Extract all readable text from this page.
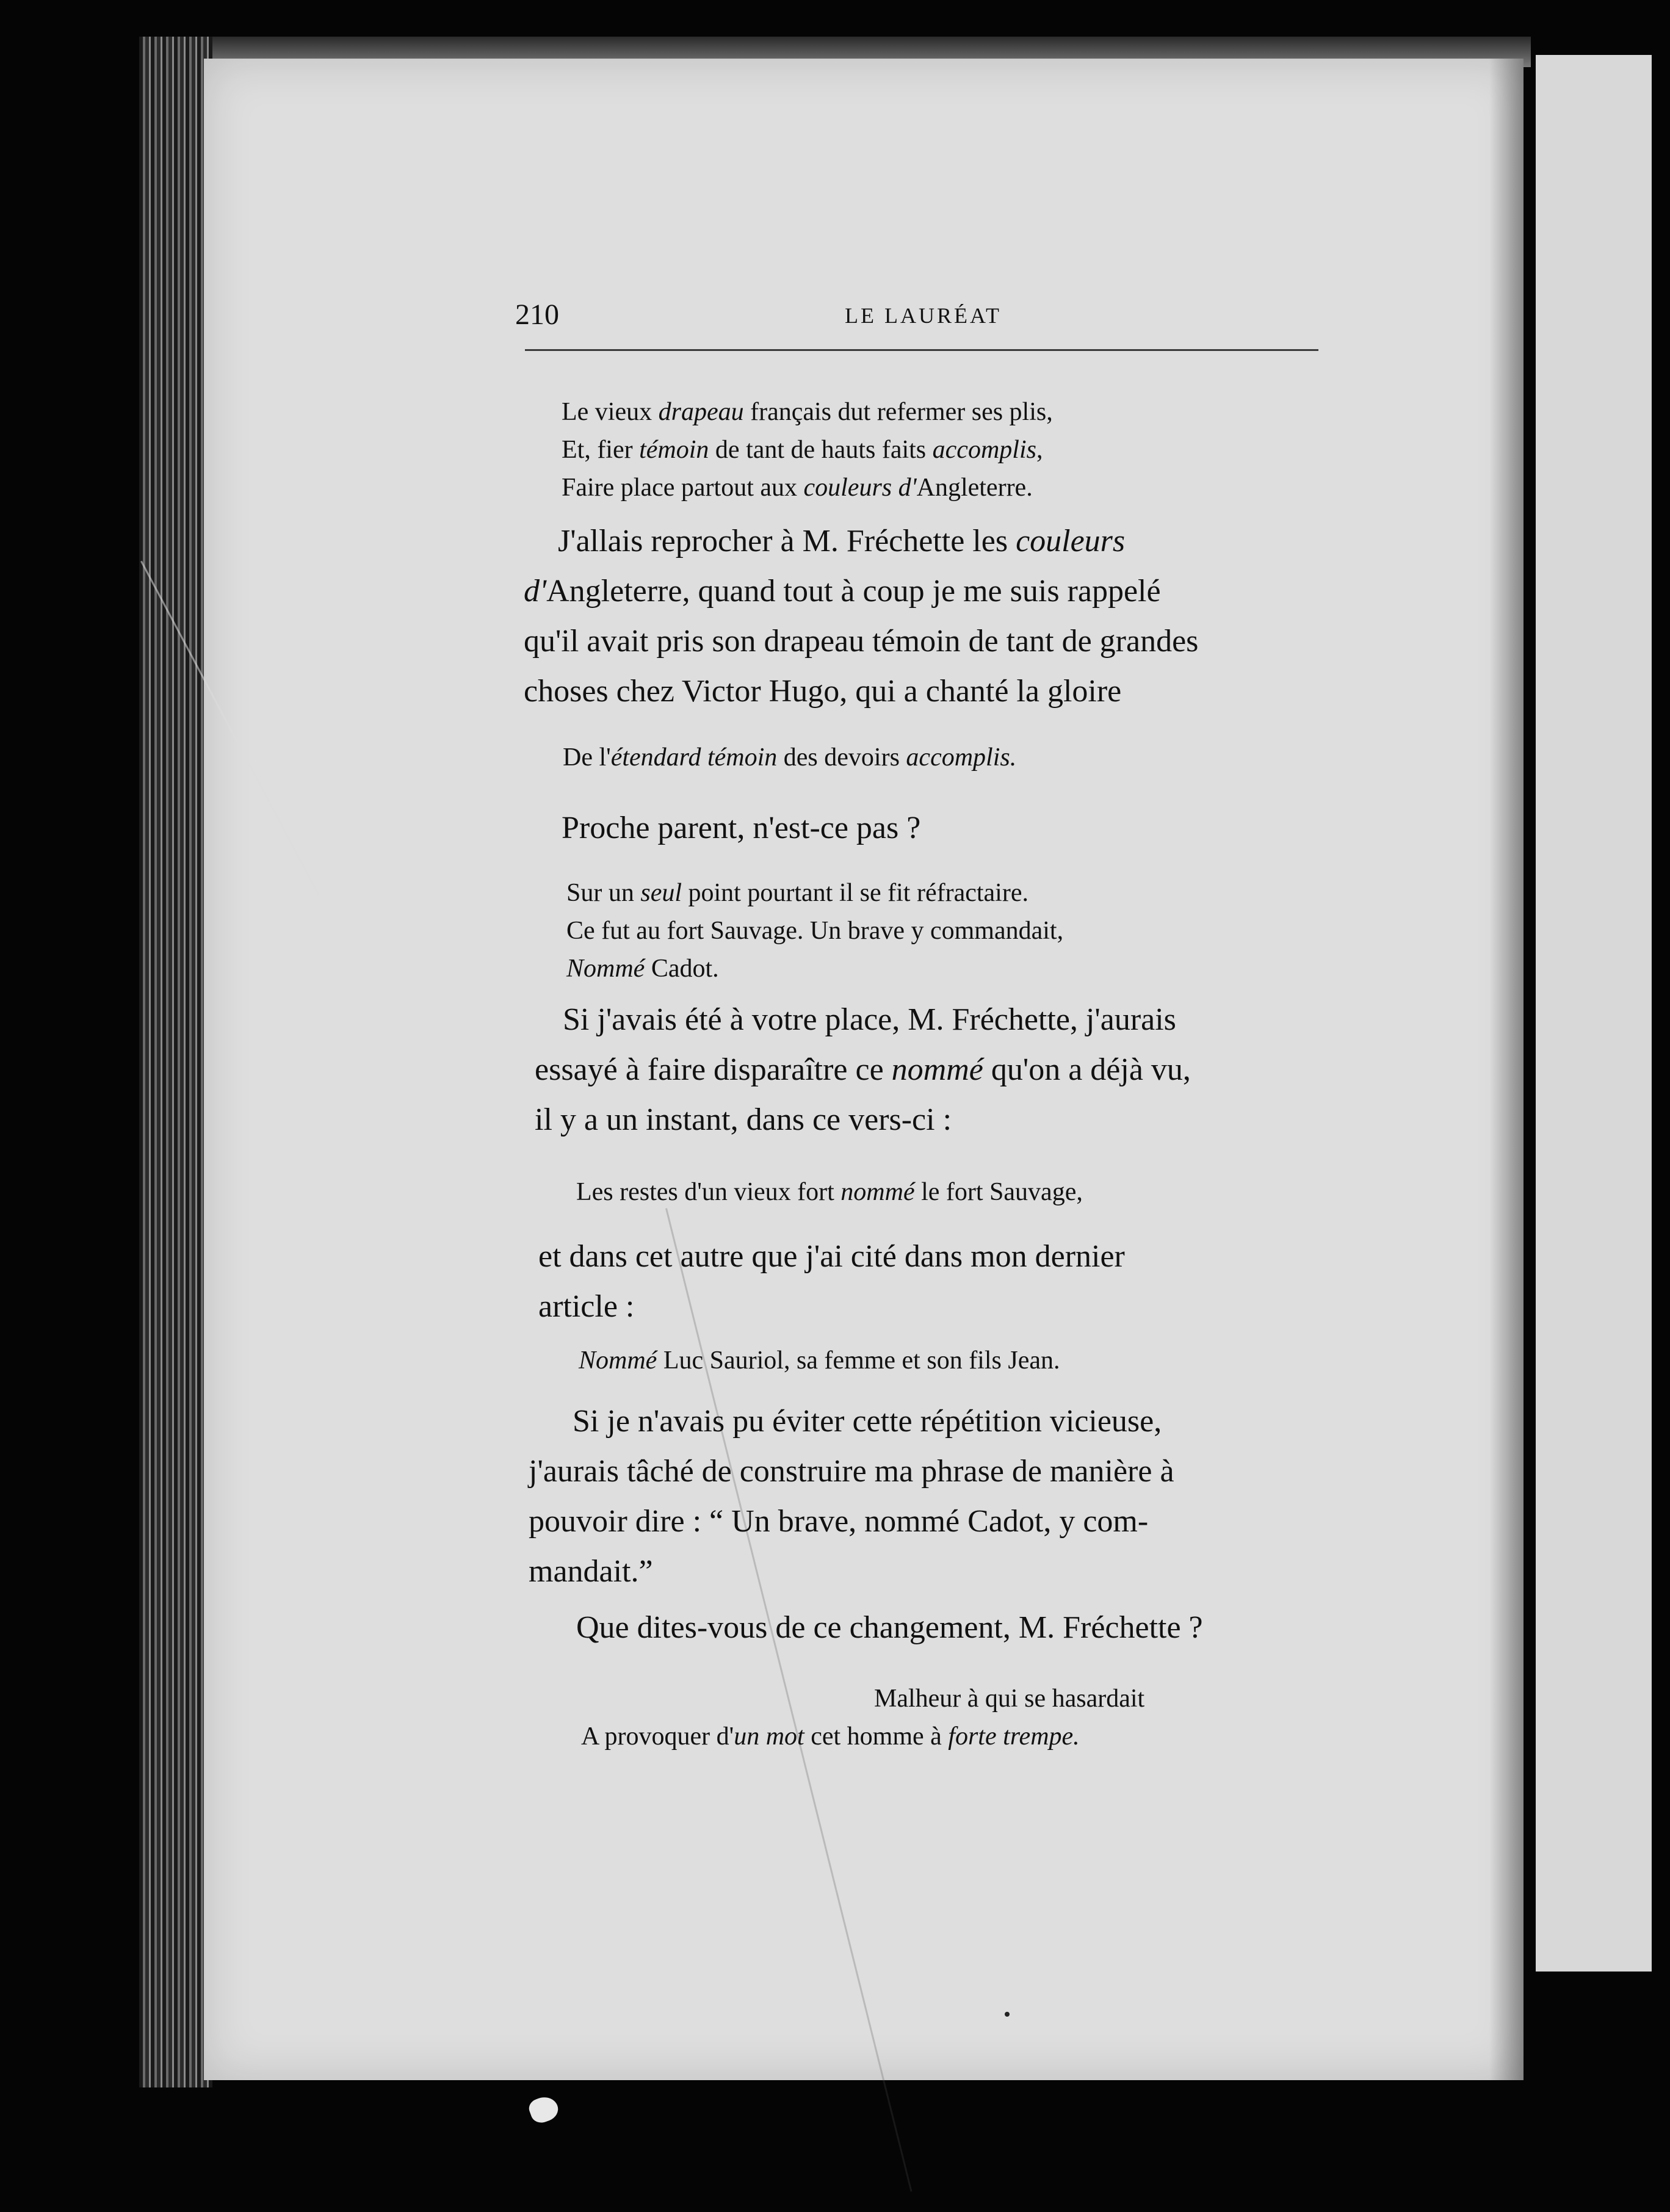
210	LE LAURÉAT
Le vieux drapeau français dut refermer ses plis,
Et, fier témoin de tant de hauts faits accomplis,
Faire place partout aux couleurs d'Angleterre.
J'allais reprocher à M. Fréchette les couleurs
d'Angleterre, quand tout à coup je me suis rappelé
qu'il avait pris son drapeau témoin de tant de grandes
choses chez Victor Hugo, qui a chanté la gloire
De l'étendard témoin des devoirs accomplis.
Proche parent, n'est-ce pas ?
Sur un seul point pourtant il se fit réfractaire.
Ce fut au fort Sauvage. Un brave y commandait,
Nommé Cadot.
Si j'avais été à votre place, M. Fréchette, j'aurais
essayé à faire disparaître ce nommé qu'on a déjà vu,
il y a un instant, dans ce vers-ci :
Les restes d'un vieux fort nommé le fort Sauvage,
et dans cet autre que j'ai cité dans mon dernier
article :
Nommé Luc Sauriol, sa femme et son fils Jean.
Si je n'avais pu éviter cette répétition vicieuse,
j'aurais tâché de construire ma phrase de manière à
pouvoir dire : “ Un brave, nommé Cadot, y com-
mandait.”
Que dites-vous de ce changement, M. Fréchette ?
Malheur à qui se hasardait
A provoquer d'un mot cet homme à forte trempe.
